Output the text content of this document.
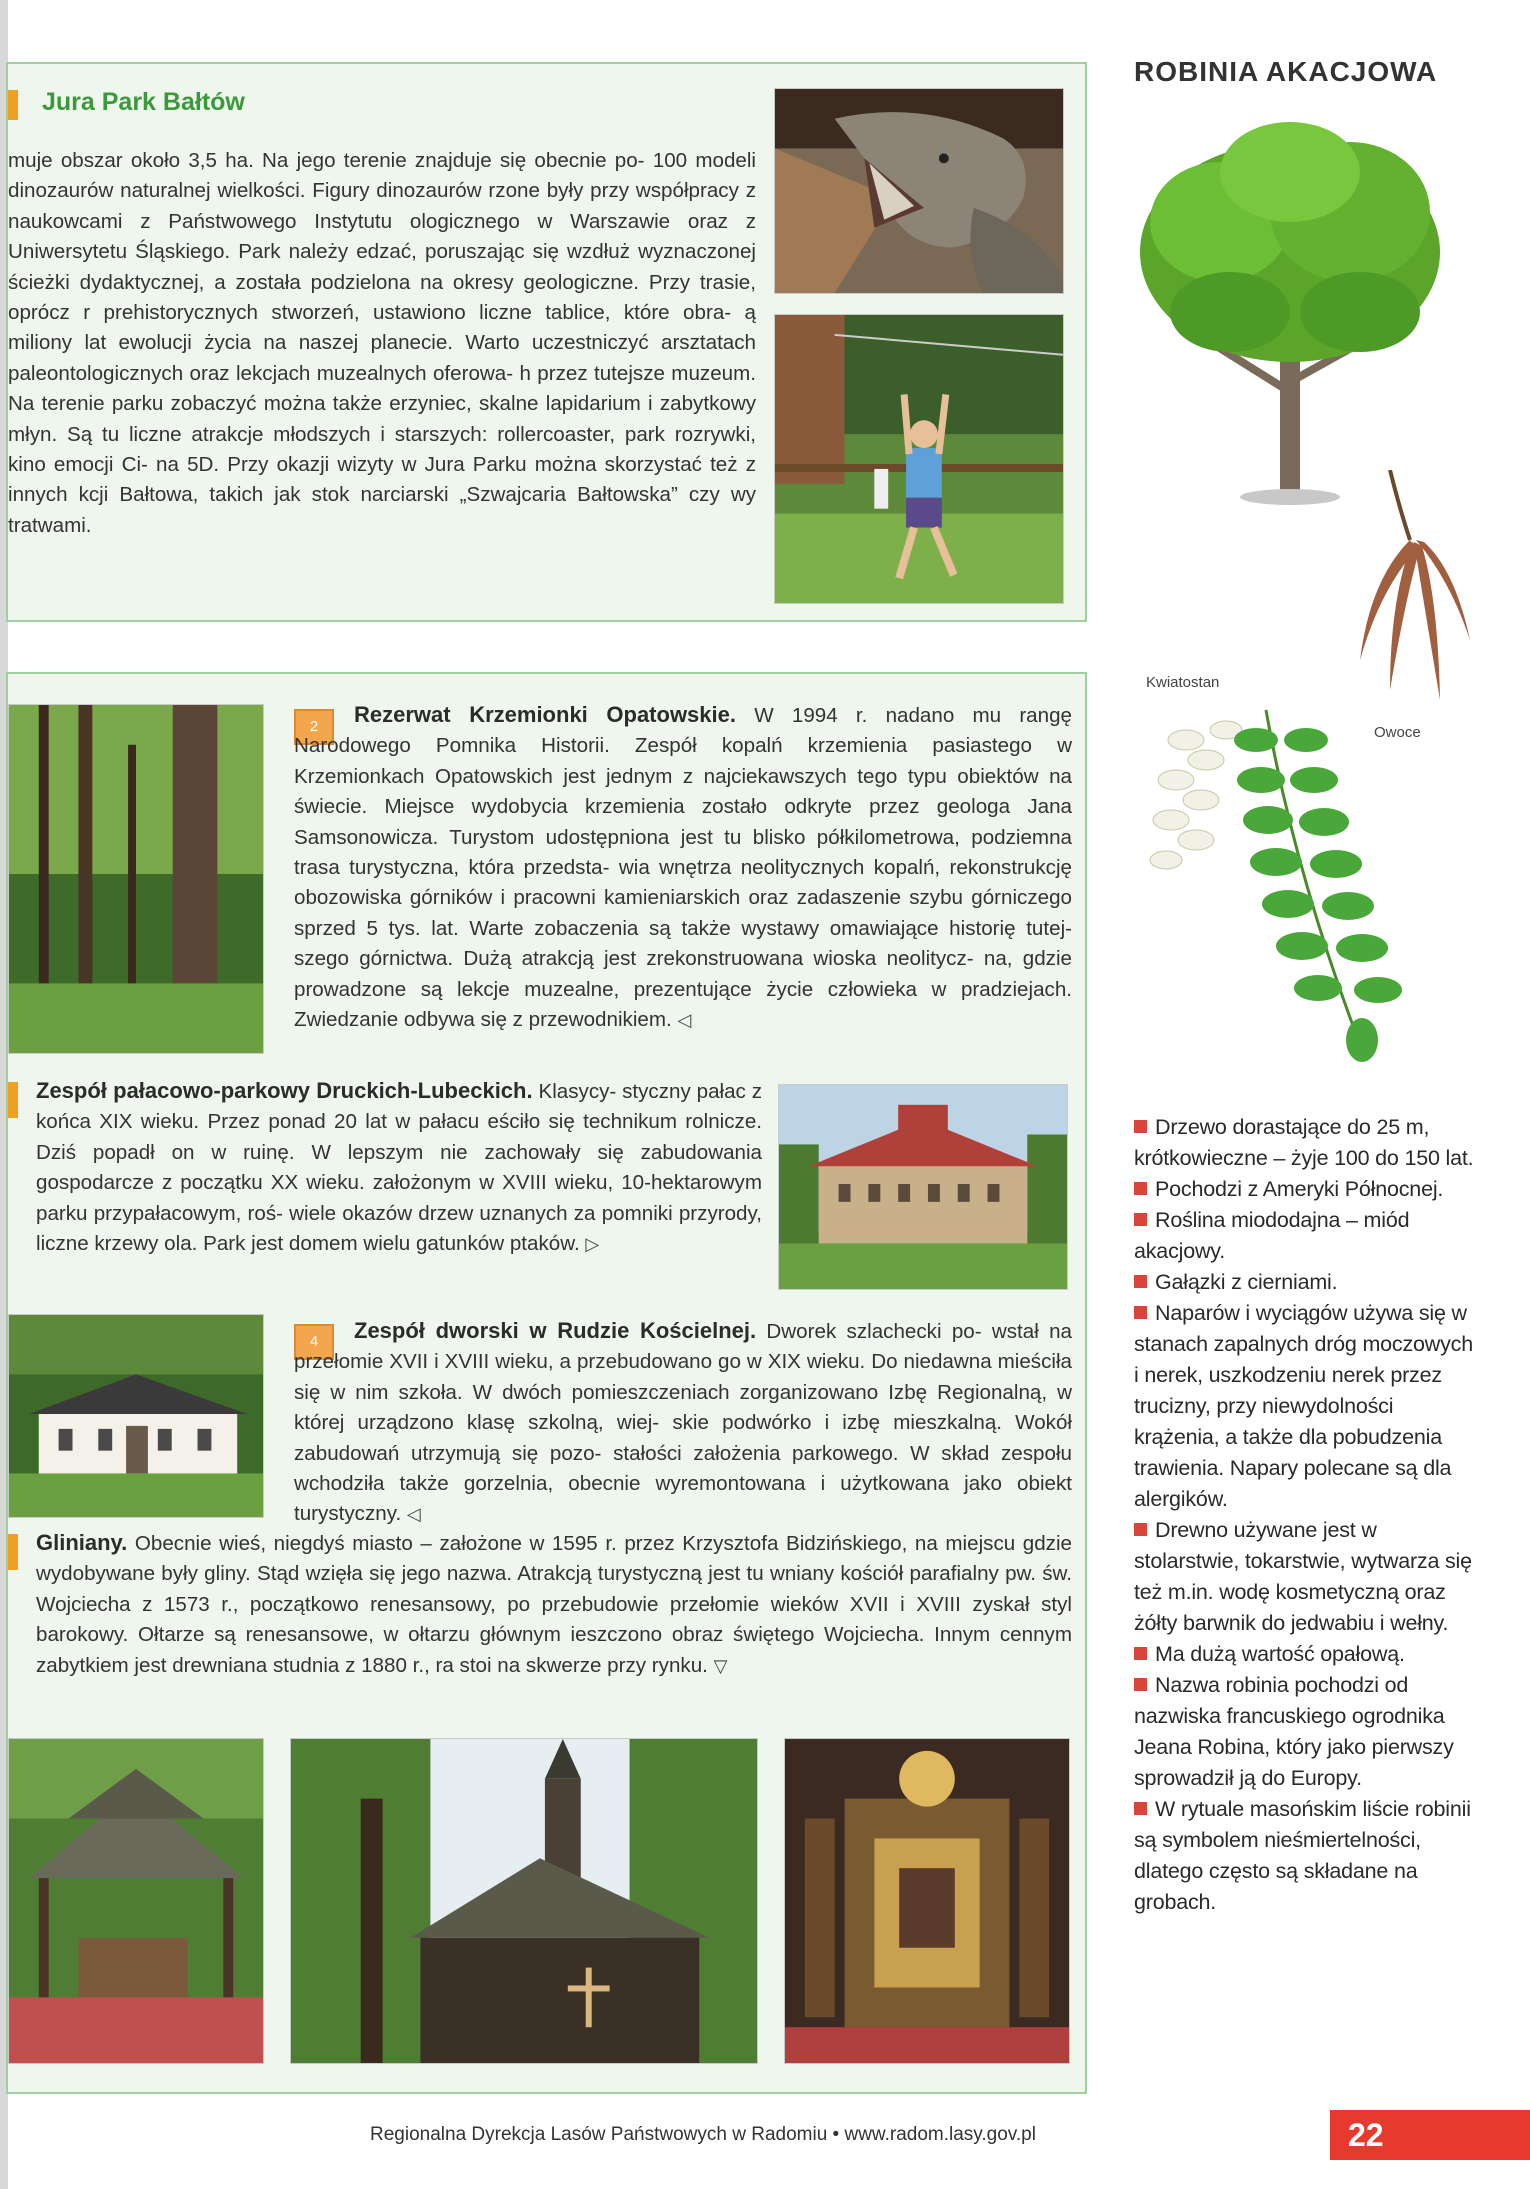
Jura Park Bałtów
muje obszar około 3,5 ha. Na jego terenie znajduje się obecnie po- 100 modeli dinozaurów naturalnej wielkości. Figury dinozaurów rzone były przy współpracy z naukowcami z Państwowego Instytutu ologicznego w Warszawie oraz z Uniwersytetu Śląskiego. Park należy edzać, poruszając się wzdłuż wyznaczonej ścieżki dydaktycznej, a została podzielona na okresy geologiczne. Przy trasie, oprócz r prehistorycznych stworzeń, ustawiono liczne tablice, które obra- ą miliony lat ewolucji życia na naszej planecie. Warto uczestniczyć arsztatach paleontologicznych oraz lekcjach muzealnych oferowa- h przez tutejsze muzeum. Na terenie parku zobaczyć można także erzyniec, skalne lapidarium i zabytkowy młyn. Są tu liczne atrakcje młodszych i starszych: rollercoaster, park rozrywki, kino emocji Ci- na 5D. Przy okazji wizyty w Jura Parku można skorzystać też z innych kcji Bałtowa, takich jak stok narciarski „Szwajcaria Bałtowska” czy wy tratwami.
2	Rezerwat Krzemionki Opatowskie. W 1994 r. nadano mu rangę Narodowego Pomnika Historii. Zespół kopalń krzemienia pasiastego w Krzemionkach Opatowskich jest jednym z najciekawszych tego typu obiektów na świecie. Miejsce wydobycia krzemienia zostało odkryte przez geologa Jana Samsonowicza. Turystom udostępniona jest tu blisko półkilometrowa, podziemna trasa turystyczna, która przedsta- wia wnętrza neolitycznych kopalń, rekonstrukcję obozowiska górników i pracowni kamieniarskich oraz zadaszenie szybu górniczego sprzed 5 tys. lat. Warte zobaczenia są także wystawy omawiające historię tutej- szego górnictwa. Dużą atrakcją jest zrekonstruowana wioska neolitycz- na, gdzie prowadzone są lekcje muzealne, prezentujące życie człowieka w pradziejach. Zwiedzanie odbywa się z przewodnikiem. ◁
Zespół pałacowo-parkowy Druckich-Lubeckich. Klasycy- styczny pałac z końca XIX wieku. Przez ponad 20 lat w pałacu eściło się technikum rolnicze. Dziś popadł on w ruinę. W lepszym nie zachowały się zabudowania gospodarcze z początku XX wieku. założonym w XVIII wieku, 10-hektarowym parku przypałacowym, roś- wiele okazów drzew uznanych za pomniki przyrody, liczne krzewy ola. Park jest domem wielu gatunków ptaków. ▷
4	Zespół dworski w Rudzie Kościelnej. Dworek szlachecki po- wstał na przełomie XVII i XVIII wieku, a przebudowano go w XIX wieku. Do niedawna mieściła się w nim szkoła. W dwóch pomieszczeniach zorganizowano Izbę Regionalną, w której urządzono klasę szkolną, wiej- skie podwórko i izbę mieszkalną. Wokół zabudowań utrzymują się pozo- stałości założenia parkowego. W skład zespołu wchodziła także gorzelnia, obecnie wyremontowana i użytkowana jako obiekt turystyczny. ◁
Gliniany. Obecnie wieś, niegdyś miasto – założone w 1595 r. przez Krzysztofa Bidzińskiego, na miejscu gdzie wydobywane były gliny. Stąd wzięła się jego nazwa. Atrakcją turystyczną jest tu wniany kościół parafialny pw. św. Wojciecha z 1573 r., początkowo renesansowy, po przebudowie przełomie wieków XVII i XVIII zyskał styl barokowy. Ołtarze są renesansowe, w ołtarzu głównym ieszczono obraz świętego Wojciecha. Innym cennym zabytkiem jest drewniana studnia z 1880 r., ra stoi na skwerze przy rynku. ▽
ROBINIA AKACJOWA
Kwiatostan
Owoce
Drzewo dorastające do 25 m, krótkowieczne – żyje 100 do 150 lat.
Pochodzi z Ameryki Północnej.
Roślina miododajna – miód akacjowy.
Gałązki z cierniami.
Naparów i wyciągów używa się w stanach zapalnych dróg moczowych i nerek, uszkodzeniu nerek przez trucizny, przy niewydolności krążenia, a także dla pobudzenia trawienia. Napary polecane są dla alergików.
Drewno używane jest w stolarstwie, tokarstwie, wytwarza się też m.in. wodę kosmetyczną oraz żółty barwnik do jedwabiu i wełny.
Ma dużą wartość opałową.
Nazwa robinia pochodzi od nazwiska francuskiego ogrodnika Jeana Robina, który jako pierwszy sprowadził ją do Europy.
W rytuale masońskim liście robinii są symbolem nieśmiertelności, dlatego często są składane na grobach.
Regionalna Dyrekcja Lasów Państwowych w Radomiu • www.radom.lasy.gov.pl	22
